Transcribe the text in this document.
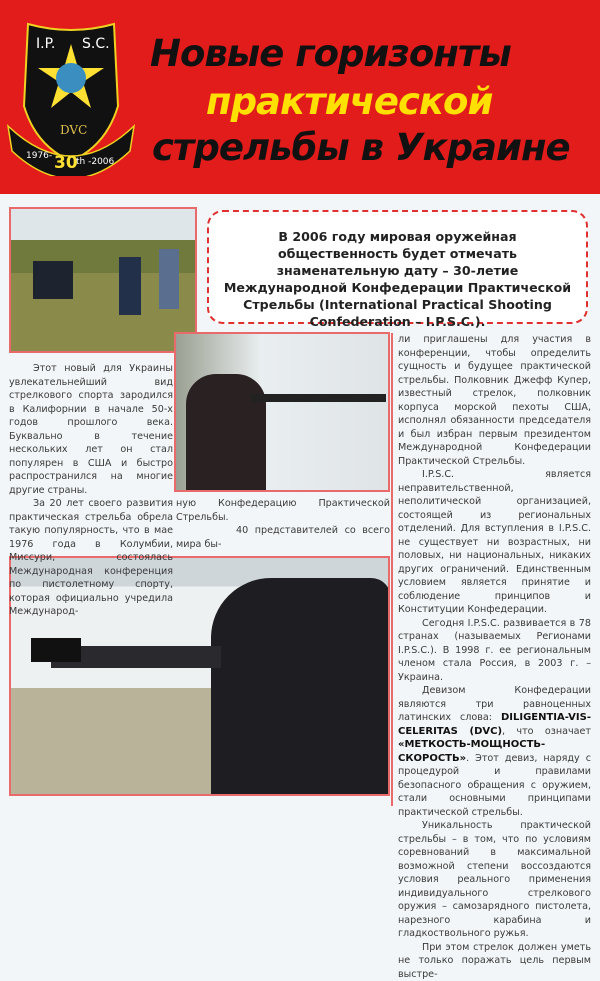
I.P. S.C.
DVC
1976- 30
th -2006
Новые горизонты
практической
стрельбы в Украине
В 2006 году мировая оружейная общественность будет отмечать знаменательную дату – 30-летие Международной Конфедерации Практической Стрельбы (International Practical Shooting Confederation – I.P.S.C.).

Этот новый для Украины увлекательнейший вид стрелкового спорта зародился в Калифорнии в начале 50-х годов прошлого века. Буквально в течение нескольких лет он стал популярен в США и быстро распространился на многие другие страны.

За 20 лет своего развития практическая стрельба обрела такую популярность, что в мае 1976 года в Колумбии, Миссури, состоялась Международная конференция по пистолетному спорту, которая официально учредила Международ-

ную Конфедерацию Практической Стрельбы.

40 представителей со всего мира бы-

ли приглашены для участия в конференции, чтобы определить сущность и будущее практической стрельбы. Полковник Джефф Купер, известный стрелок, полковник корпуса морской пехоты США, исполнял обязанности председателя и был избран первым президентом Международной Конфедерации Практической Стрельбы.

I.P.S.C. является неправительственной, неполитической организацией, состоящей из региональных отделений. Для вступления в I.P.S.C. не существует ни возрастных, ни половых, ни национальных, никаких других ограничений. Единственным условием является принятие и соблюдение принципов и Конституции Конфедерации.

Сегодня I.P.S.C. развивается в 78 странах (называемых Регионами I.P.S.C.). В 1998 г. ее региональным членом стала Россия, в 2003 г. – Украина.

Девизом Конфедерации являются три равноценных латинских слова: DILIGENTIA-VIS-CELERITAS (DVC), что означает «МЕТКОСТЬ-МОЩНОСТЬ-СКОРОСТЬ». Этот девиз, наряду с процедурой и правилами безопасного обращения с оружием, стали основными принципами практической стрельбы.

Уникальность практической стрельбы – в том, что по условиям соревнований в максимальной возможной степени воссоздаются условия реального применения индивидуального стрелкового оружия – самозарядного пистолета, нарезного карабина и гладкоствольного ружья.

При этом стрелок должен уметь не только поражать цель первым выстре-
